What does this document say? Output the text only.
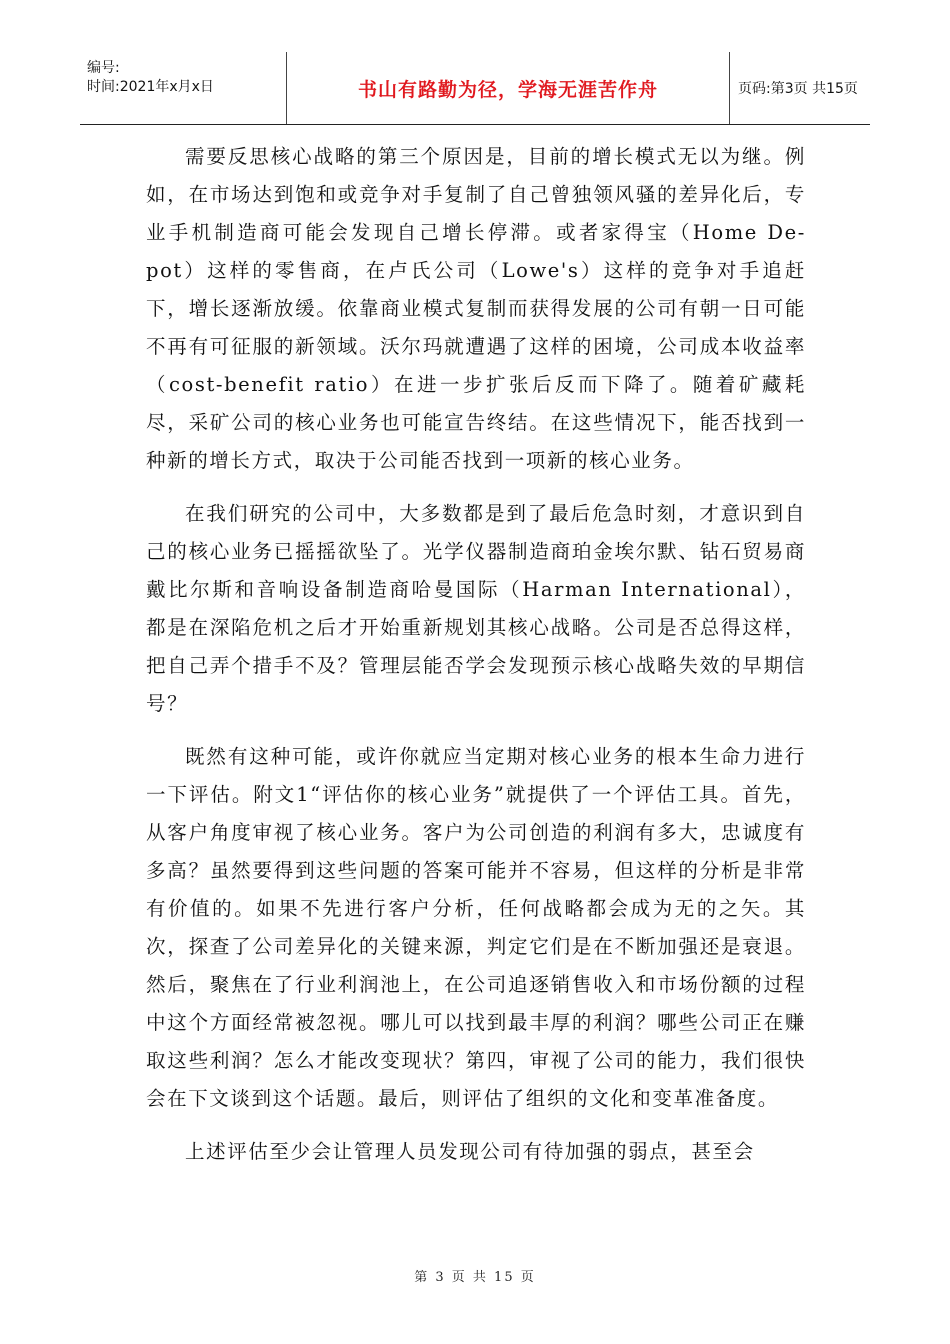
编号:
时间:2021年x月x日	书山有路勤为径，学海无涯苦作舟	页码:第3页 共15页

需要反思核心战略的第三个原因是，目前的增长模式无以为继。例如，在市场达到饱和或竞争对手复制了自己曾独领风骚的差异化后，专业手机制造商可能会发现自己增长停滞。或者家得宝（Home De-pot）这样的零售商，在卢氏公司（Lowe's）这样的竞争对手追赶下，增长逐渐放缓。依靠商业模式复制而获得发展的公司有朝一日可能不再有可征服的新领域。沃尔玛就遭遇了这样的困境，公司成本收益率（cost-benefit ratio）在进一步扩张后反而下降了。随着矿藏耗尽，采矿公司的核心业务也可能宣告终结。在这些情况下，能否找到一种新的增长方式，取决于公司能否找到一项新的核心业务。

在我们研究的公司中，大多数都是到了最后危急时刻，才意识到自己的核心业务已摇摇欲坠了。光学仪器制造商珀金埃尔默、钻石贸易商戴比尔斯和音响设备制造商哈曼国际（Harman International），都是在深陷危机之后才开始重新规划其核心战略。公司是否总得这样，把自己弄个措手不及？管理层能否学会发现预示核心战略失效的早期信号？

既然有这种可能，或许你就应当定期对核心业务的根本生命力进行一下评估。附文1“评估你的核心业务”就提供了一个评估工具。首先，从客户角度审视了核心业务。客户为公司创造的利润有多大，忠诚度有多高？虽然要得到这些问题的答案可能并不容易，但这样的分析是非常有价值的。如果不先进行客户分析，任何战略都会成为无的之矢。其次，探查了公司差异化的关键来源，判定它们是在不断加强还是衰退。然后，聚焦在了行业利润池上，在公司追逐销售收入和市场份额的过程中这个方面经常被忽视。哪儿可以找到最丰厚的利润？哪些公司正在赚取这些利润？怎么才能改变现状？第四，审视了公司的能力，我们很快会在下文谈到这个话题。最后，则评估了组织的文化和变革准备度。

上述评估至少会让管理人员发现公司有待加强的弱点，甚至会

第 3 页 共 15 页
